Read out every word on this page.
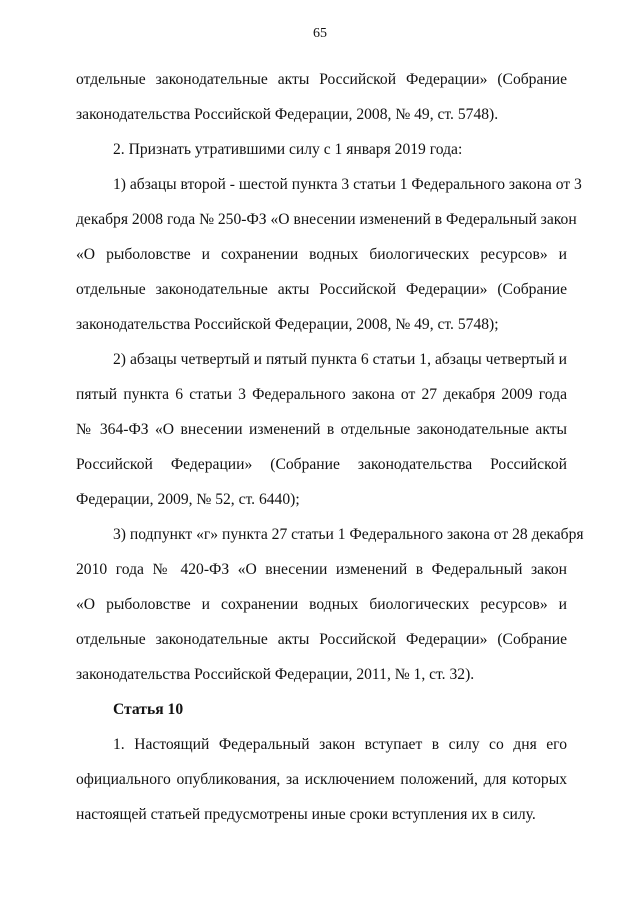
65
отдельные законодательные акты Российской Федерации» (Собрание
законодательства Российской Федерации, 2008, № 49, ст. 5748).
2. Признать утратившими силу с 1 января 2019 года:
1) абзацы второй - шестой пункта 3 статьи 1 Федерального закона от 3
декабря 2008 года № 250-ФЗ «О внесении изменений в Федеральный закон
«О рыболовстве и сохранении водных биологических ресурсов» и
отдельные законодательные акты Российской Федерации» (Собрание
законодательства Российской Федерации, 2008, № 49, ст. 5748);
2) абзацы четвертый и пятый пункта 6 статьи 1, абзацы четвертый и
пятый пункта 6 статьи 3 Федерального закона от 27 декабря 2009 года
№ 364-ФЗ «О внесении изменений в отдельные законодательные акты
Российской Федерации» (Собрание законодательства Российской
Федерации, 2009, № 52, ст. 6440);
3) подпункт «г» пункта 27 статьи 1 Федерального закона от 28 декабря
2010 года № 420-ФЗ «О внесении изменений в Федеральный закон
«О рыболовстве и сохранении водных биологических ресурсов» и
отдельные законодательные акты Российской Федерации» (Собрание
законодательства Российской Федерации, 2011, № 1, ст. 32).
Статья 10
1. Настоящий Федеральный закон вступает в силу со дня его
официального опубликования, за исключением положений, для которых
настоящей статьей предусмотрены иные сроки вступления их в силу.
